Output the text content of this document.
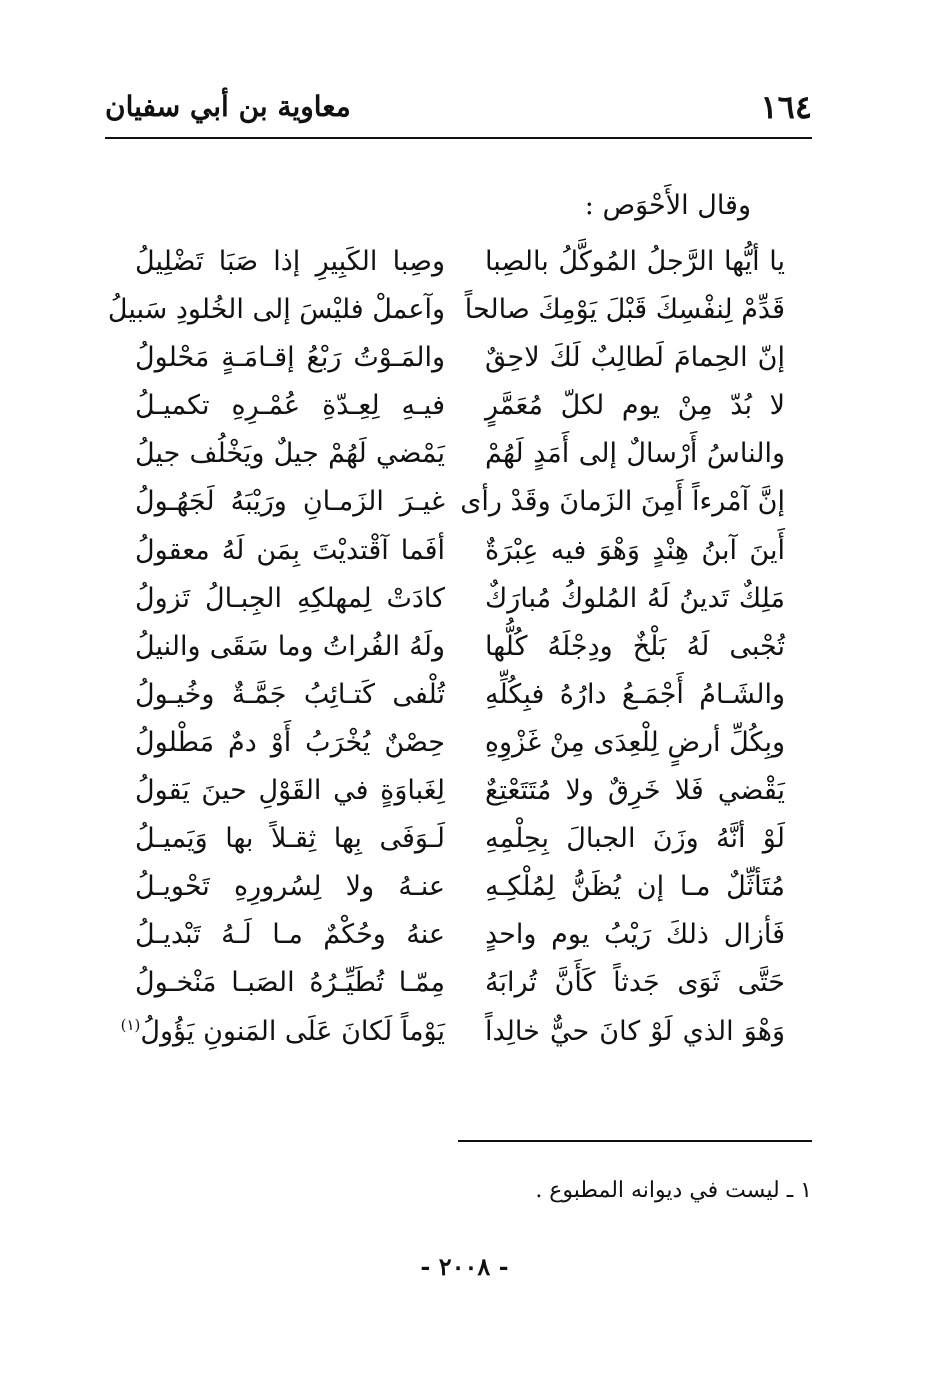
١٦٤
معاوية بن أبي سفيان
وقال الأَحْوَص :
يا أيُّها الرَّجلُ المُوكَّلُ بالصِبا
وصِبا الكَبِيرِ إذا صَبَا تَضْلِيلُ
قَدِّمْ لِنفْسِكَ قَبْلَ يَوْمِكَ صالحاً
وآعملْ فليْسَ إلى الخُلودِ سَبيلُ
إنّ الحِمامَ لَطالِبٌ لَكَ لاحِقٌ
والمَـوْتُ رَبْعُ إقـامَـةٍ مَحْلولُ
لا بُدّ مِنْ يوم لكلّ مُعَمَّرٍ
فيـهِ لِعِـدّةِ عُمْـرِهِ تكميـلُ
والناسُ أَرْسالٌ إلى أَمَدٍ لَهُمْ
يَمْضي لَهُمْ جيلٌ ويَخْلُف جيلُ
إنَّ آمْرءاً أَمِنَ الزَمانَ وقَدْ رأى
غيـرَ الزَمـانِ ورَيْبَهُ لَجَهُـولُ
أَينَ آبنُ هِنْدٍ وَهْوَ فيه عِبْرَةٌ
أفَما آقْتديْتَ بِمَن لَهُ معقولُ
مَلِكٌ تَدينُ لَهُ المُلوكُ مُبارَكٌ
كادَتْ لِمهلكِهِ الجِبـالُ تَزولُ
تُجْبى لَهُ بَلْخٌ ودِجْلَهُ كُلُّها
ولَهُ الفُراتُ وما سَقَى والنيلُ
والشَـامُ أَجْمَـعُ دارُهُ فبِكُلِّهِ
تُلْفى كَتـائِبُ جَمَّـةٌ وخُيـولُ
وبِكُلِّ أرضٍ لِلْعِدَى مِنْ غَزْوِهِ
حِصْنٌ يُخْرَبُ أَوْ دمٌ مَطْلولُ
يَقْضي فَلا خَرِقٌ ولا مُتَتَعْتِعٌ
لِغَباوَةٍ في القَوْلِ حينَ يَقولُ
لَوْ أنَّهُ وزَنَ الجبالَ بِحِلْمِهِ
لَـوَفَى بِها ثِقـلاً بها وَيَميـلُ
مُتَأثِّلٌ مـا إن يُظَنُّ لِمُلْكِـهِ
عنـهُ ولا لِسُرورِهِ تَحْويـلُ
فَأزال ذلكَ رَيْبُ يوم واحدٍ
عنهُ وحُكْمٌ مـا لَـهُ تَبْديـلُ
حَتَّى ثَوَى جَدثاً كَأَنَّ تُرابَهُ
مِمّـا تُطَيِّـرُهُ الصَبـا مَنْخـولُ
وَهْوَ الذي لَوْ كانَ حيٌّ خالِداً
يَوْماً لَكانَ عَلَى المَنونِ يَؤُولُ$^{(١)}$
١ ـ ليست في ديوانه المطبوع .
- ٢٠٠٨ -
